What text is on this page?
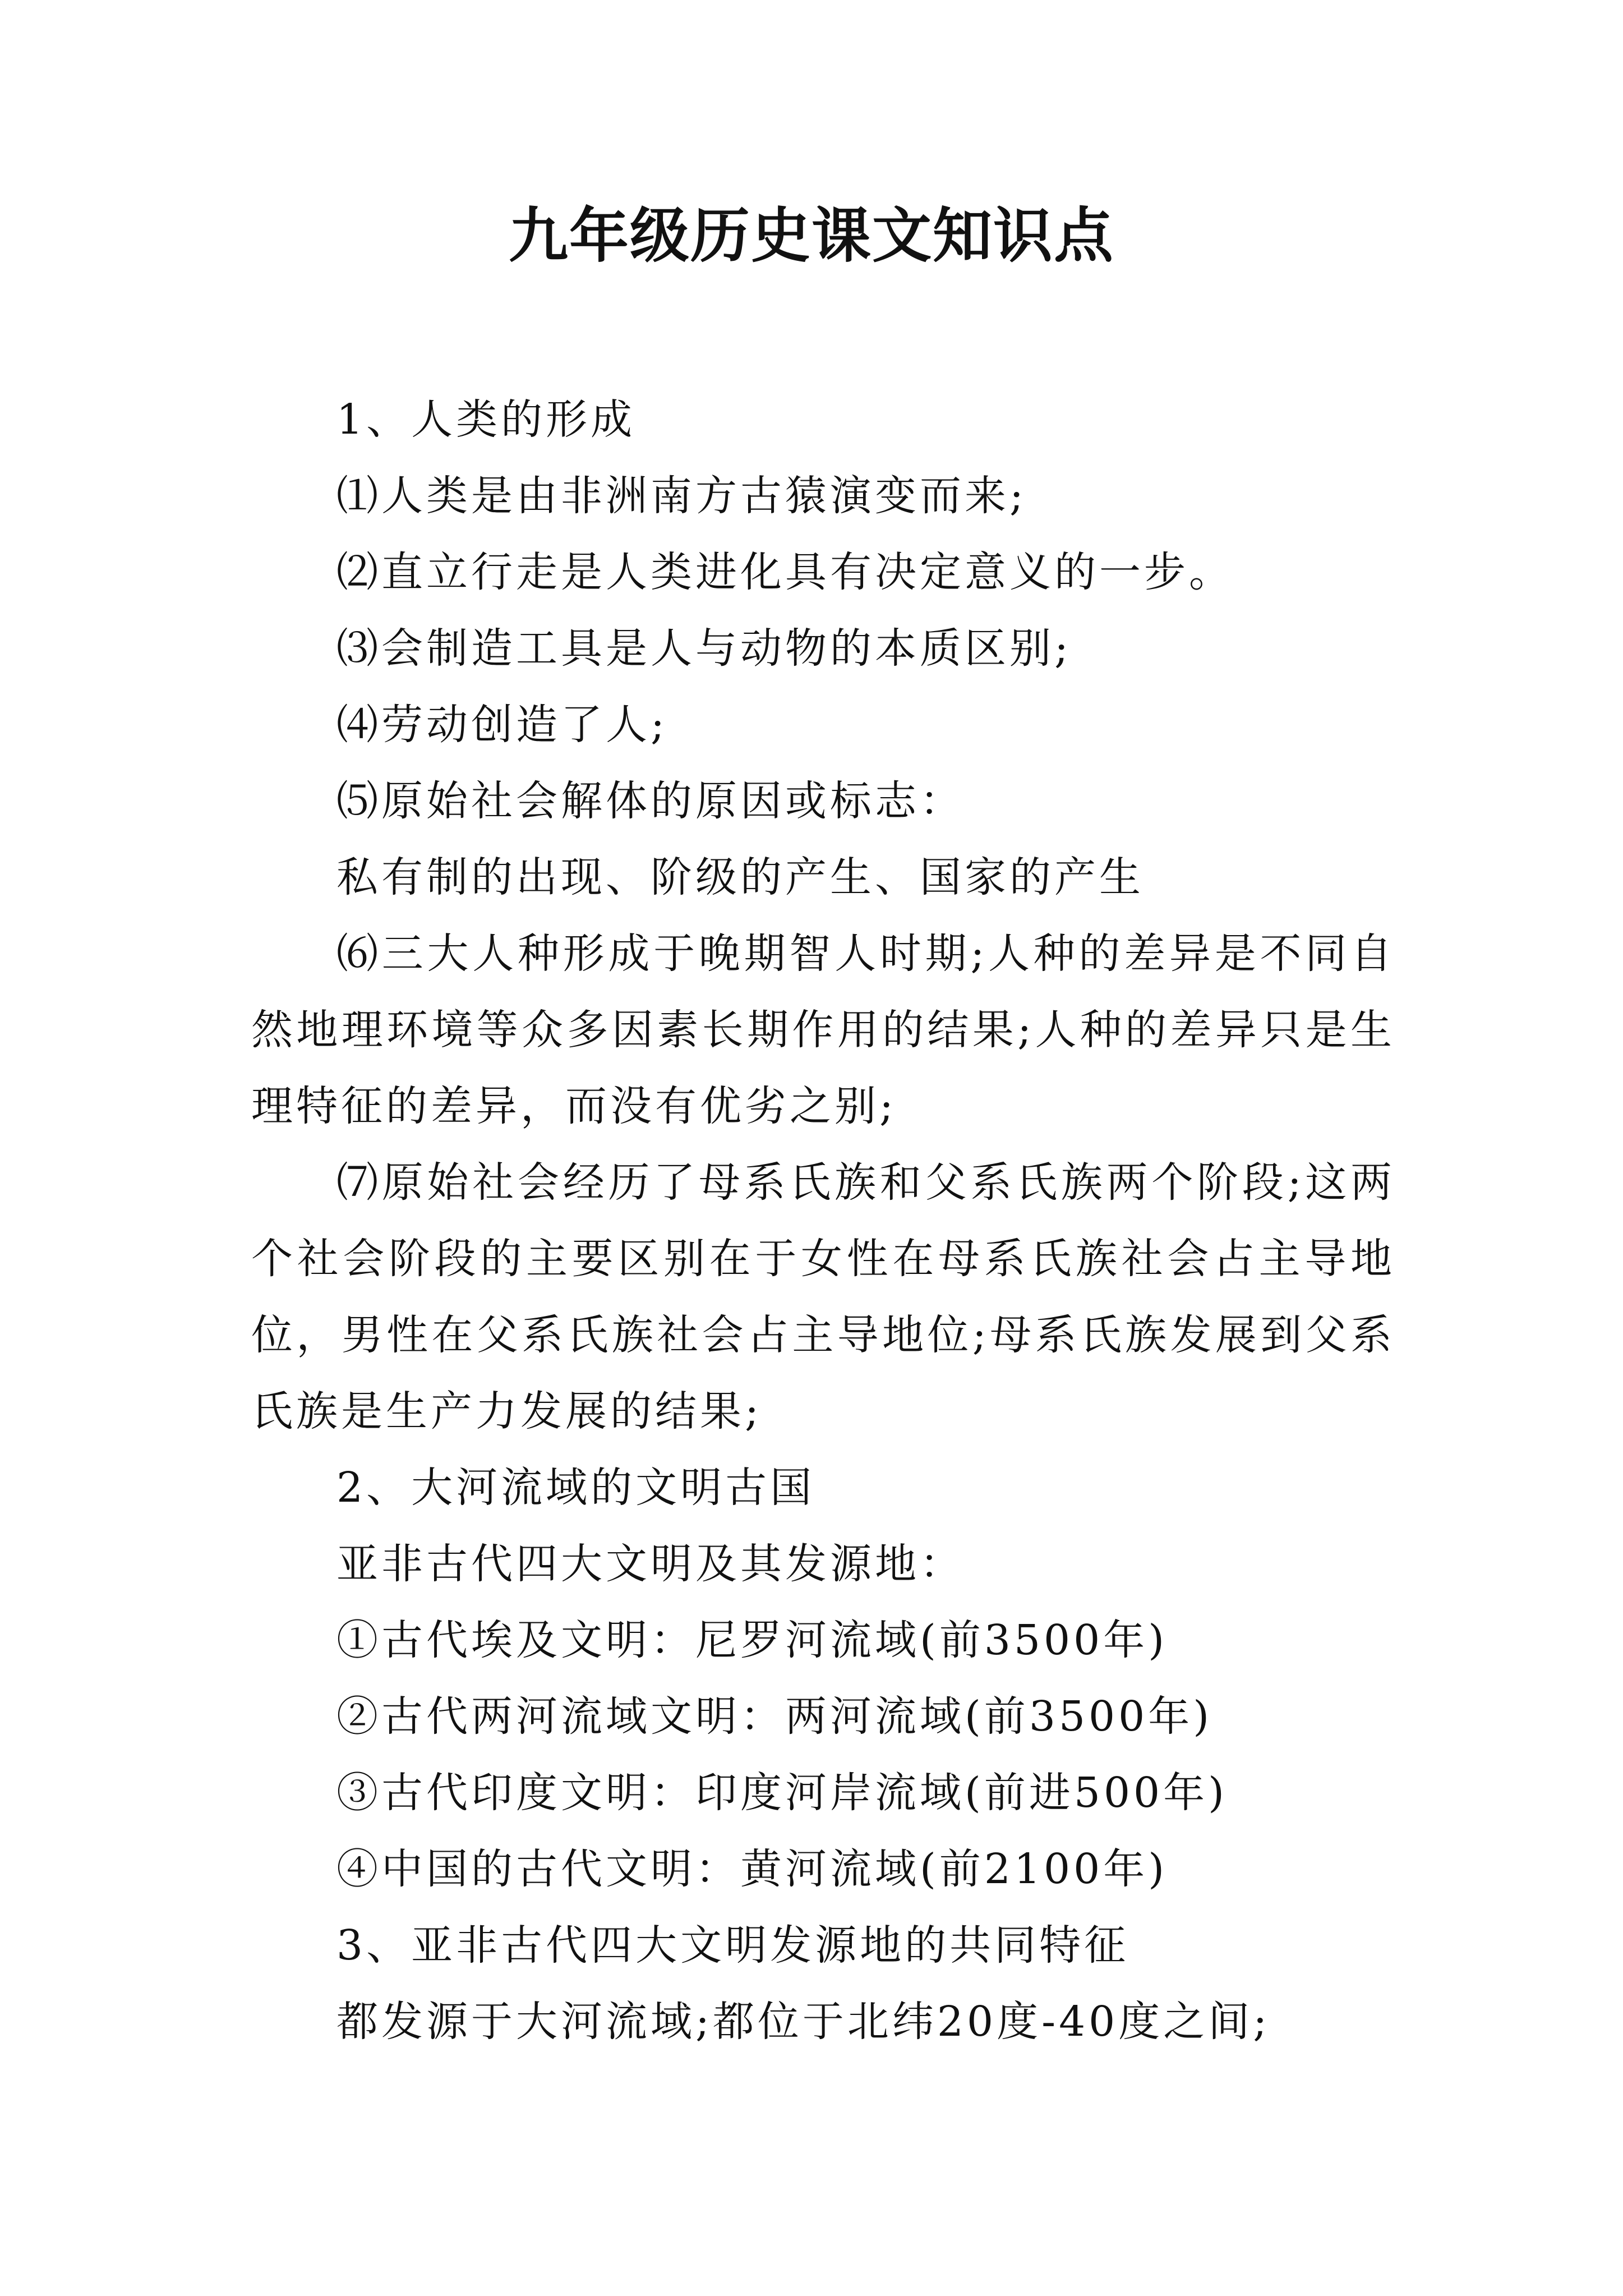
九年级历史课文知识点

1、人类的形成

⑴人类是由非洲南方古猿演变而来;

⑵直立行走是人类进化具有决定意义的一步。

⑶会制造工具是人与动物的本质区别;

⑷劳动创造了人;

⑸原始社会解体的原因或标志：

私有制的出现、阶级的产生、国家的产生

⑹三大人种形成于晚期智人时期;人种的差异是不同自然地理环境等众多因素长期作用的结果;人种的差异只是生理特征的差异，而没有优劣之别;

⑺原始社会经历了母系氏族和父系氏族两个阶段;这两个社会阶段的主要区别在于女性在母系氏族社会占主导地位，男性在父系氏族社会占主导地位;母系氏族发展到父系氏族是生产力发展的结果;

2、大河流域的文明古国

亚非古代四大文明及其发源地：

①古代埃及文明：尼罗河流域(前3500年)

②古代两河流域文明：两河流域(前3500年)

③古代印度文明：印度河岸流域(前进500年)

④中国的古代文明：黄河流域(前2100年)

3、亚非古代四大文明发源地的共同特征

都发源于大河流域;都位于北纬20度-40度之间;
